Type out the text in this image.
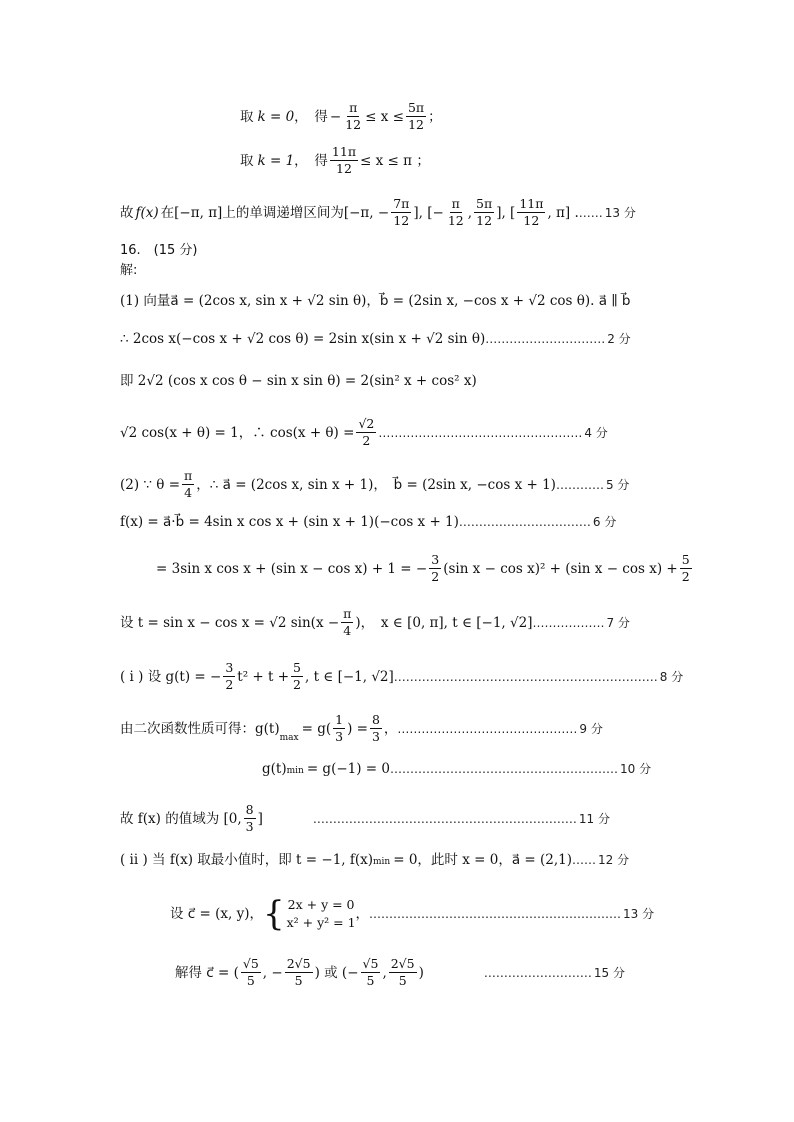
取 k = 0 ，　得 − $\frac{\pi}{12} \le x \le \frac{5\pi}{12}$ ；
取 k = 1 ，　得 $\frac{11\pi}{12} \le x \le \pi$ ；
故 f(x) 在 [−π, π] 上的单调递增区间为 [−π, − $\frac{7\pi}{12}$ ], [− $\frac{\pi}{12}$ , $\frac{5\pi}{12}$ ], [ $\frac{11\pi}{12}$ , π] . …… 13 分
16.　(15 分)
解:
(1) 向量 a⃗ = (2cos x, sin x + √2 sin θ) ， b⃗ = (2sin x, −cos x + √2 cos θ) . a⃗ ∥ b⃗
∴ 2cos x(−cos x + √2 cos θ) = 2sin x(sin x + √2 sin θ) ………………………… 2 分
即 2√2 (cos x cos θ − sin x sin θ) = 2(sin² x + cos² x)
√2 cos(x + θ) = 1，∴ $\cos(x + \theta) = \frac{√2}{2}$ …………………………………………… 4 分
(2) ∵ $\theta = \frac{\pi}{4}$ ，∴ a⃗ = (2cos x, sin x + 1)，　b⃗ = (2sin x, −cos x + 1) ………… 5 分
f(x) = a⃗·b⃗ = 4sin x cos x + (sin x + 1)(−cos x + 1) …………………………… 6 分
= 3sin x cos x + (sin x − cos x) + 1 = − $\frac{3}{2} (\sin$ x − cos x)² + (sin $x - \cos x) + \frac{5}{2}$
设 t = sin x − cos x = √2 $\sin(x - \frac{\pi}{4}$ )，　x ∈ [0, π], t ∈ [−1, √2] ……………… 7 分
( i ) 设 g(t) = − $\frac{3}{2} t^2 + t + \frac{5}{2}$ , t ∈ [−1, √2] ………………………………………………………… 8 分
由二次函数性质可得：g(t)
max
= $g( \frac{1}{3}$ ) = $\frac{8}{3}$ ， ……………………………………… 9 分
g(t) min = g(−1) = 0 ………………………………………………… 10 分
故 f(x) 的值域为 [0, $\frac{8}{3}$ ]	………………………………………………………… 11 分
( ii ) 当 f(x) 取最小值时，即 t = −1, f(x) min = 0，此时 x = 0，a⃗ = (2,1) …… 12 分
设 c⃗ = (x, y)， { 2x + y = 0
x² + y² = 1
， ……………………………………………………… 13 分
解得 c⃗ = ( $\frac{√5}{5}$ , − $\frac{2√5}{5}$ ) 或 (− $\frac{√5}{5}$ , $\frac{2√5}{5}$ )	……………………… 15 分
